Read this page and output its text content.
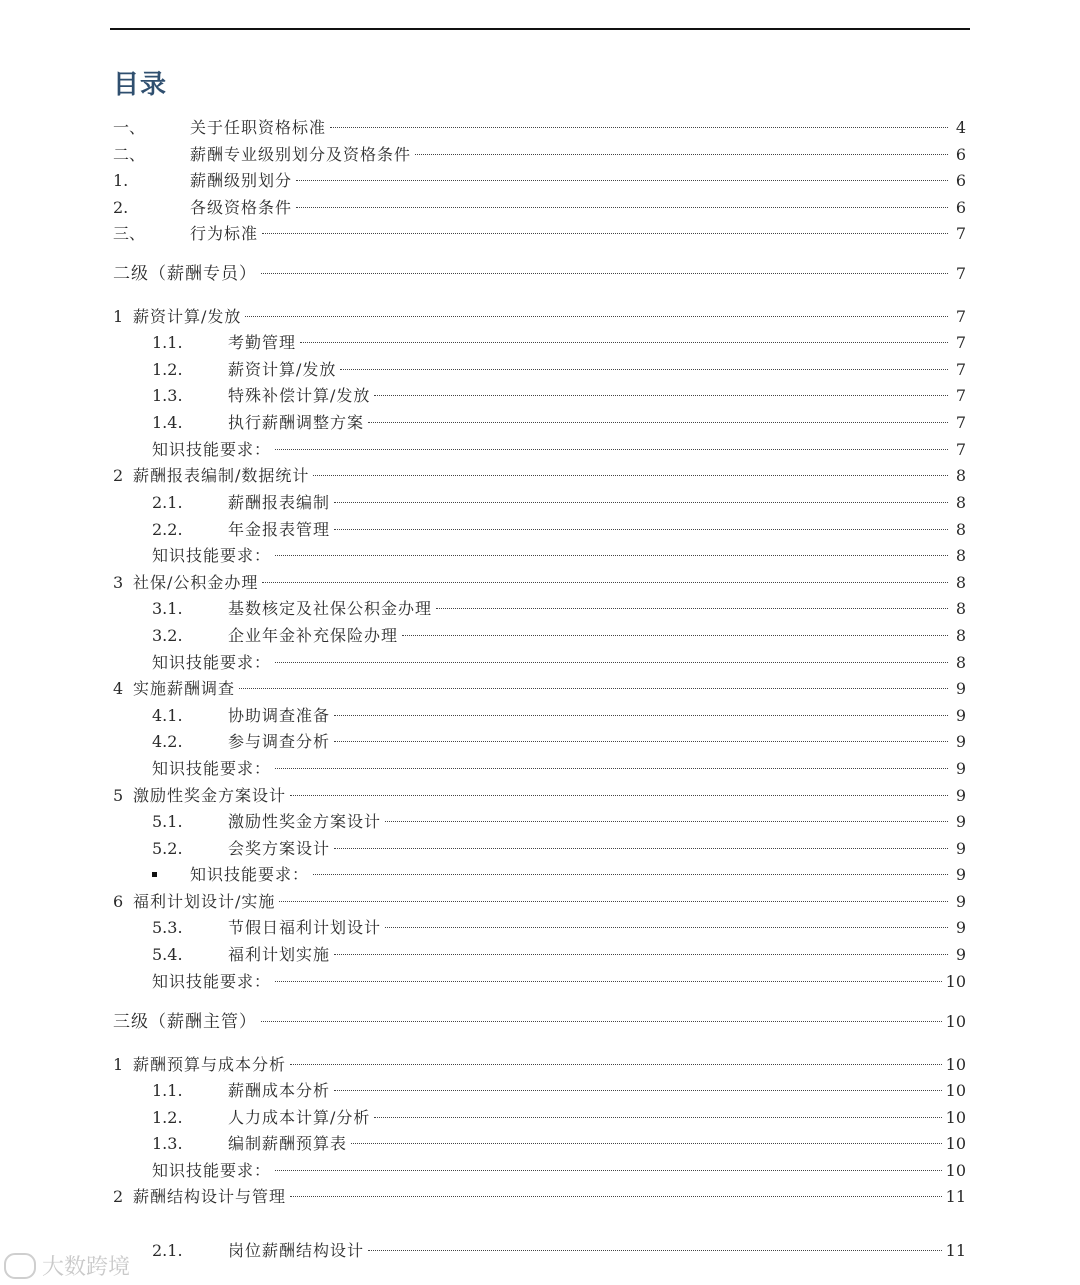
目录
一、	关于任职资格标准	4
二、	薪酬专业级别划分及资格条件	6
1.	薪酬级别划分	6
2.	各级资格条件	6
三、	行为标准	7
二级（薪酬专员）	7
1 薪资计算/发放	7
1.1.	考勤管理	7
1.2.	薪资计算/发放	7
1.3.	特殊补偿计算/发放	7
1.4.	执行薪酬调整方案	7
知识技能要求：	7
2 薪酬报表编制/数据统计	8
2.1.	薪酬报表编制	8
2.2.	年金报表管理	8
知识技能要求：	8
3 社保/公积金办理	8
3.1.	基数核定及社保公积金办理	8
3.2.	企业年金补充保险办理	8
知识技能要求：	8
4 实施薪酬调查	9
4.1.	协助调查准备	9
4.2.	参与调查分析	9
知识技能要求：	9
5 激励性奖金方案设计	9
5.1.	激励性奖金方案设计	9
5.2.	会奖方案设计	9
知识技能要求：	9
6 福利计划设计/实施	9
5.3.	节假日福利计划设计	9
5.4.	福利计划实施	9
知识技能要求：	10
三级（薪酬主管）	10
1 薪酬预算与成本分析	10
1.1.	薪酬成本分析	10
1.2.	人力成本计算/分析	10
1.3.	编制薪酬预算表	10
知识技能要求：	10
2 薪酬结构设计与管理	11
2.1.	岗位薪酬结构设计	11
大数跨境
